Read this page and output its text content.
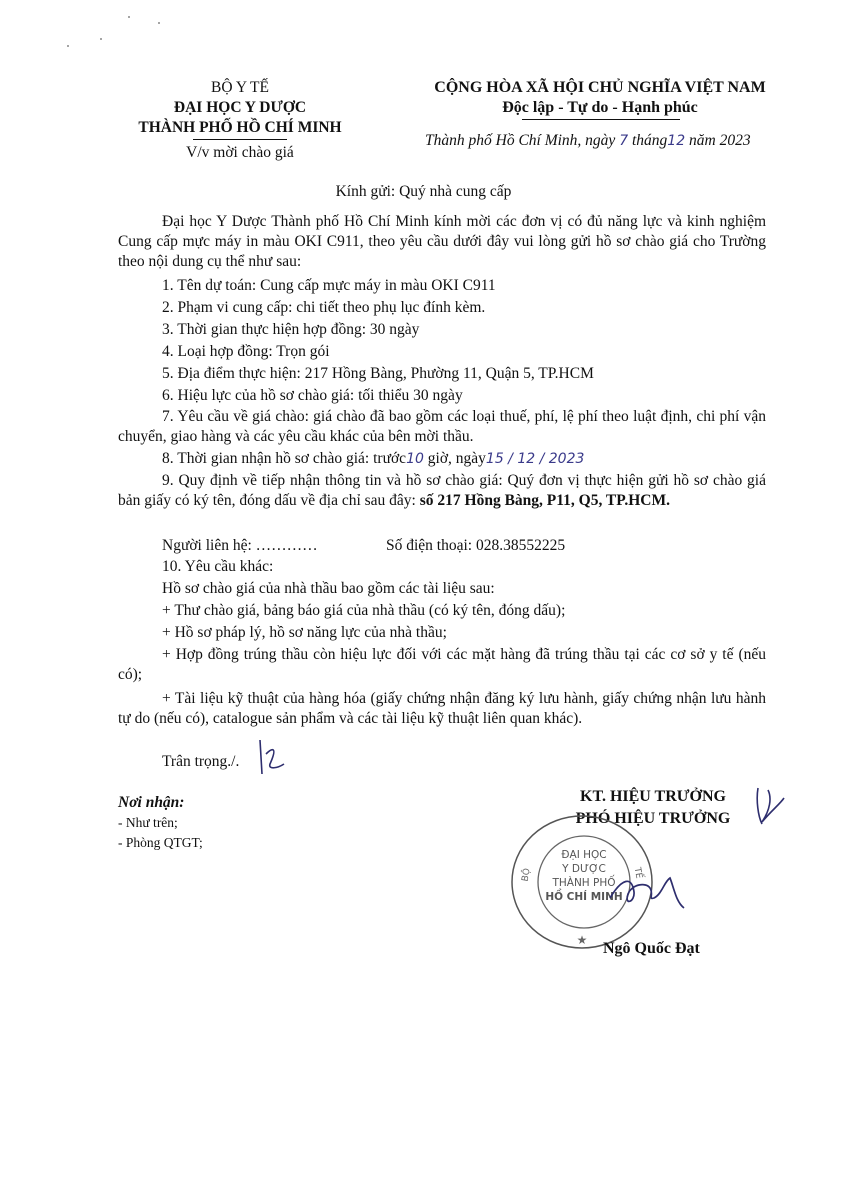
BỘ Y TẾ
ĐẠI HỌC Y DƯỢC
THÀNH PHỐ HỒ CHÍ MINH
V/v mời chào giá
CỘNG HÒA XÃ HỘI CHỦ NGHĨA VIỆT NAM
Độc lập - Tự do - Hạnh phúc
Thành phố Hồ Chí Minh, ngày 7 tháng12 năm 2023
Kính gửi: Quý nhà cung cấp
Đại học Y Dược Thành phố Hồ Chí Minh kính mời các đơn vị có đủ năng lực và kinh nghiệm Cung cấp mực máy in màu OKI C911, theo yêu cầu dưới đây vui lòng gửi hồ sơ chào giá cho Trường theo nội dung cụ thể như sau:
1. Tên dự toán: Cung cấp mực máy in màu OKI C911
2. Phạm vi cung cấp: chi tiết theo phụ lục đính kèm.
3. Thời gian thực hiện hợp đồng: 30 ngày
4. Loại hợp đồng: Trọn gói
5. Địa điểm thực hiện: 217 Hồng Bàng, Phường 11, Quận 5, TP.HCM
6. Hiệu lực của hồ sơ chào giá: tối thiểu 30 ngày
7. Yêu cầu về giá chào: giá chào đã bao gồm các loại thuế, phí, lệ phí theo luật định, chi phí vận chuyển, giao hàng và các yêu cầu khác của bên mời thầu.
8. Thời gian nhận hồ sơ chào giá: trước10 giờ, ngày15 / 12 / 2023
9. Quy định về tiếp nhận thông tin và hồ sơ chào giá: Quý đơn vị thực hiện gửi hồ sơ chào giá bản giấy có ký tên, đóng dấu về địa chỉ sau đây: số 217 Hồng Bàng, P11, Q5, TP.HCM.
Người liên hệ: …………	Số điện thoại: 028.38552225
10. Yêu cầu khác:
Hồ sơ chào giá của nhà thầu bao gồm các tài liệu sau:
+ Thư chào giá, bảng báo giá của nhà thầu (có ký tên, đóng dấu);
+ Hồ sơ pháp lý, hồ sơ năng lực của nhà thầu;
+ Hợp đồng trúng thầu còn hiệu lực đối với các mặt hàng đã trúng thầu tại các cơ sở y tế (nếu có);
+ Tài liệu kỹ thuật của hàng hóa (giấy chứng nhận đăng ký lưu hành, giấy chứng nhận lưu hành tự do (nếu có), catalogue sản phẩm và các tài liệu kỹ thuật liên quan khác).
Trân trọng./.
Nơi nhận:
- Như trên;
- Phòng QTGT;
KT. HIỆU TRƯỞNG
PHÓ HIỆU TRƯỞNG
★
ĐẠI HỌC
Y DƯỢC
THÀNH PHỐ
HỒ CHÍ MINH
BỘ	TẾ
Ngô Quốc Đạt
